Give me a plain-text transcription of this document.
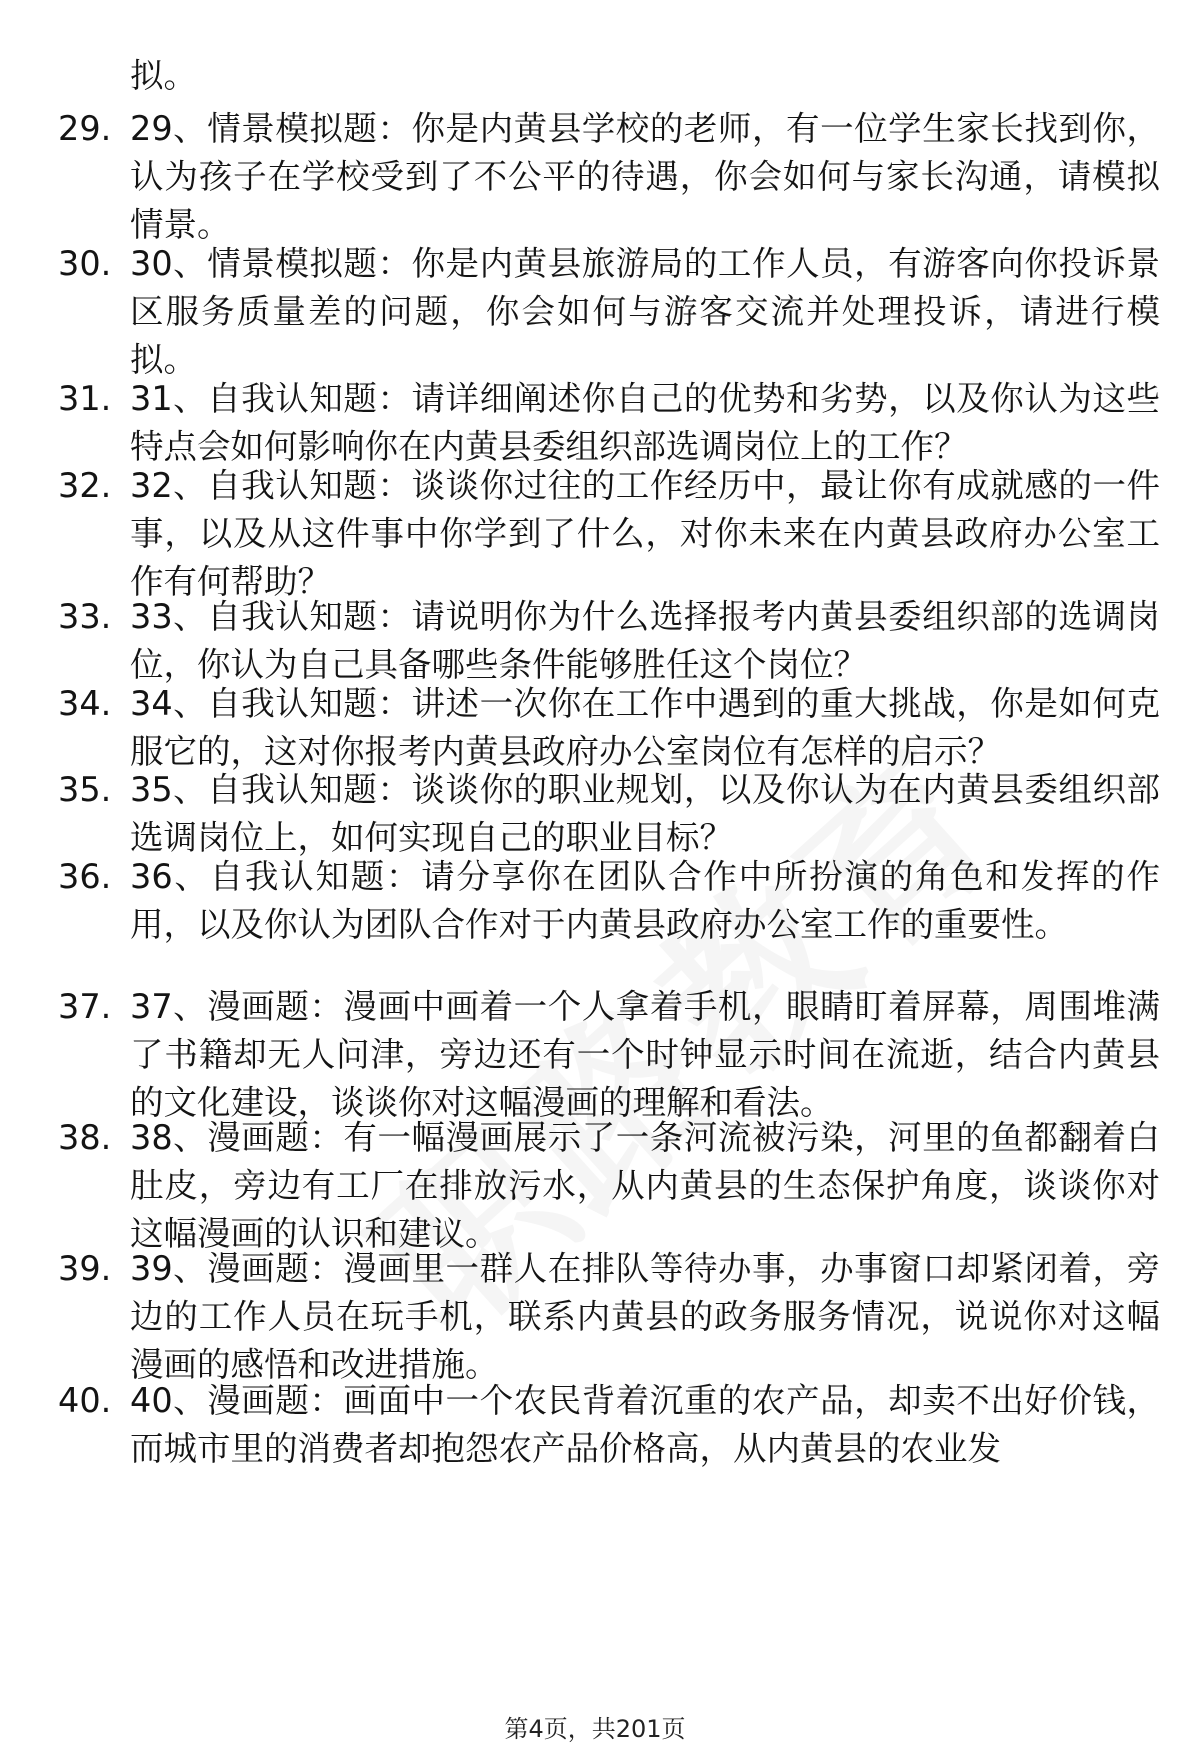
拟。
29. 29、情景模拟题：你是内黄县学校的老师，有一位学生家长找到你，认为孩子在学校受到了不公平的待遇，你会如何与家长沟通，请模拟情景。
30. 30、情景模拟题：你是内黄县旅游局的工作人员，有游客向你投诉景区服务质量差的问题，你会如何与游客交流并处理投诉，请进行模拟。
31. 31、自我认知题：请详细阐述你自己的优势和劣势，以及你认为这些特点会如何影响你在内黄县委组织部选调岗位上的工作？
32. 32、自我认知题：谈谈你过往的工作经历中，最让你有成就感的一件事，以及从这件事中你学到了什么，对你未来在内黄县政府办公室工作有何帮助？
33. 33、自我认知题：请说明你为什么选择报考内黄县委组织部的选调岗位，你认为自己具备哪些条件能够胜任这个岗位？
34. 34、自我认知题：讲述一次你在工作中遇到的重大挑战，你是如何克服它的，这对你报考内黄县政府办公室岗位有怎样的启示？
35. 35、自我认知题：谈谈你的职业规划，以及你认为在内黄县委组织部选调岗位上，如何实现自己的职业目标？
36. 36、自我认知题：请分享你在团队合作中所扮演的角色和发挥的作用，以及你认为团队合作对于内黄县政府办公室工作的重要性。
37. 37、漫画题：漫画中画着一个人拿着手机，眼睛盯着屏幕，周围堆满了书籍却无人问津，旁边还有一个时钟显示时间在流逝，结合内黄县的文化建设，谈谈你对这幅漫画的理解和看法。
38. 38、漫画题：有一幅漫画展示了一条河流被污染，河里的鱼都翻着白肚皮，旁边有工厂在排放污水，从内黄县的生态保护角度，谈谈你对这幅漫画的认识和建议。
39. 39、漫画题：漫画里一群人在排队等待办事，办事窗口却紧闭着，旁边的工作人员在玩手机，联系内黄县的政务服务情况，说说你对这幅漫画的感悟和改进措施。
40. 40、漫画题：画面中一个农民背着沉重的农产品，却卖不出好价钱，而城市里的消费者却抱怨农产品价格高，从内黄县的农业发
第4页，共201页
